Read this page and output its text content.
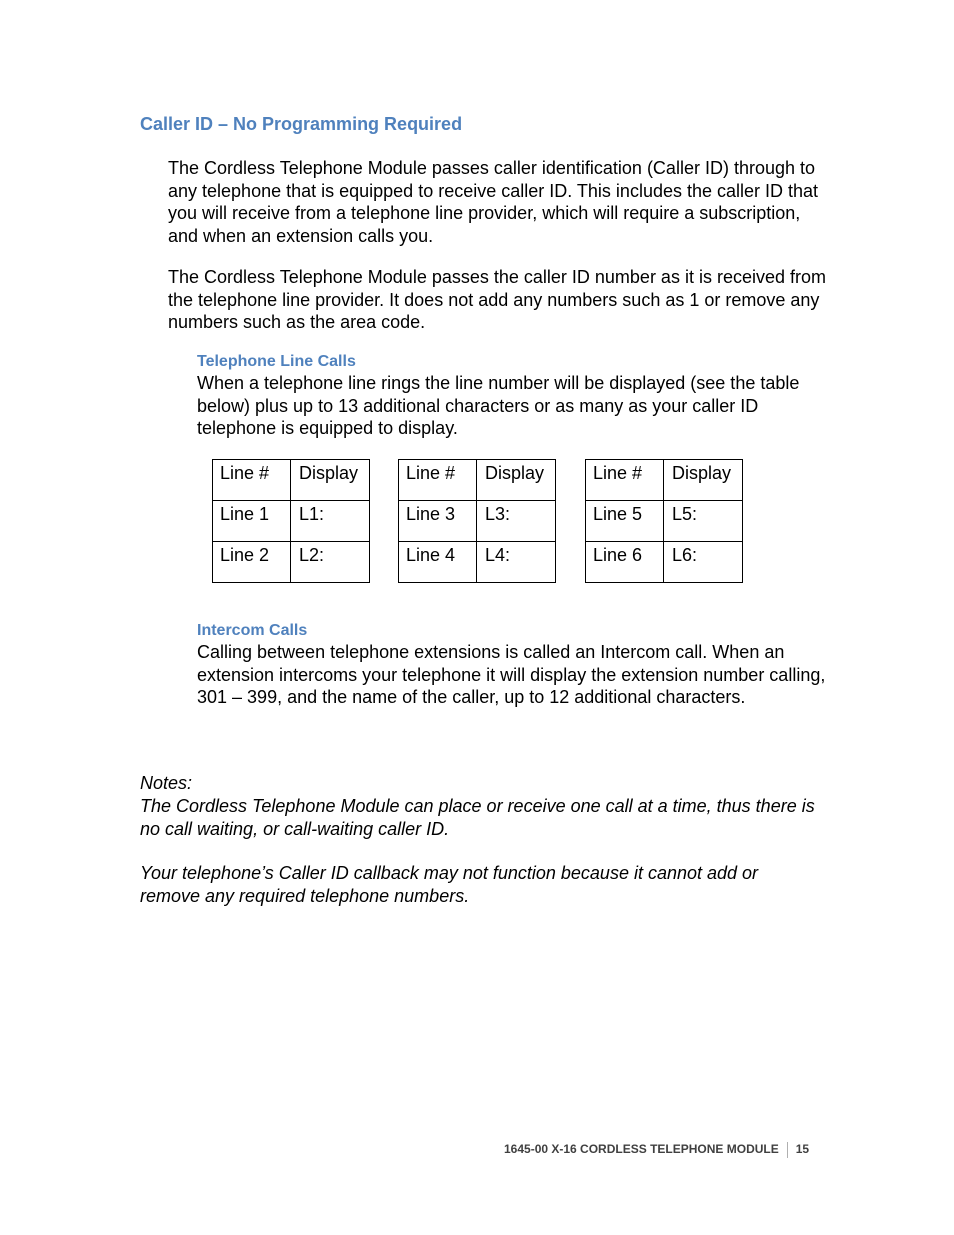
Caller ID – No Programming Required

The Cordless Telephone Module passes caller identification (Caller ID) through to any telephone that is equipped to receive caller ID. This includes the caller ID that you will receive from a telephone line provider, which will require a subscription, and when an extension calls you.

The Cordless Telephone Module passes the caller ID number as it is received from the telephone line provider. It does not add any numbers such as 1 or remove any numbers such as the area code.

Telephone Line Calls

When a telephone line rings the line number will be displayed (see the table below) plus up to 13 additional characters or as many as your caller ID telephone is equipped to display.

Line #	Display
Line 1	L1:
Line 2	L2:
Line #	Display
Line 3	L3:
Line 4	L4:
Line #	Display
Line 5	L5:
Line 6	L6:
Intercom Calls

Calling between telephone extensions is called an Intercom call. When an extension intercoms your telephone it will display the extension number calling, 301 – 399, and the name of the caller, up to 12 additional characters.

Notes:

The Cordless Telephone Module can place or receive one call at a time, thus there is no call waiting, or call-waiting caller ID.

Your telephone’s Caller ID callback may not function because it cannot add or remove any required telephone numbers.

1645-00 X-16 CORDLESS TELEPHONE MODULE 15
